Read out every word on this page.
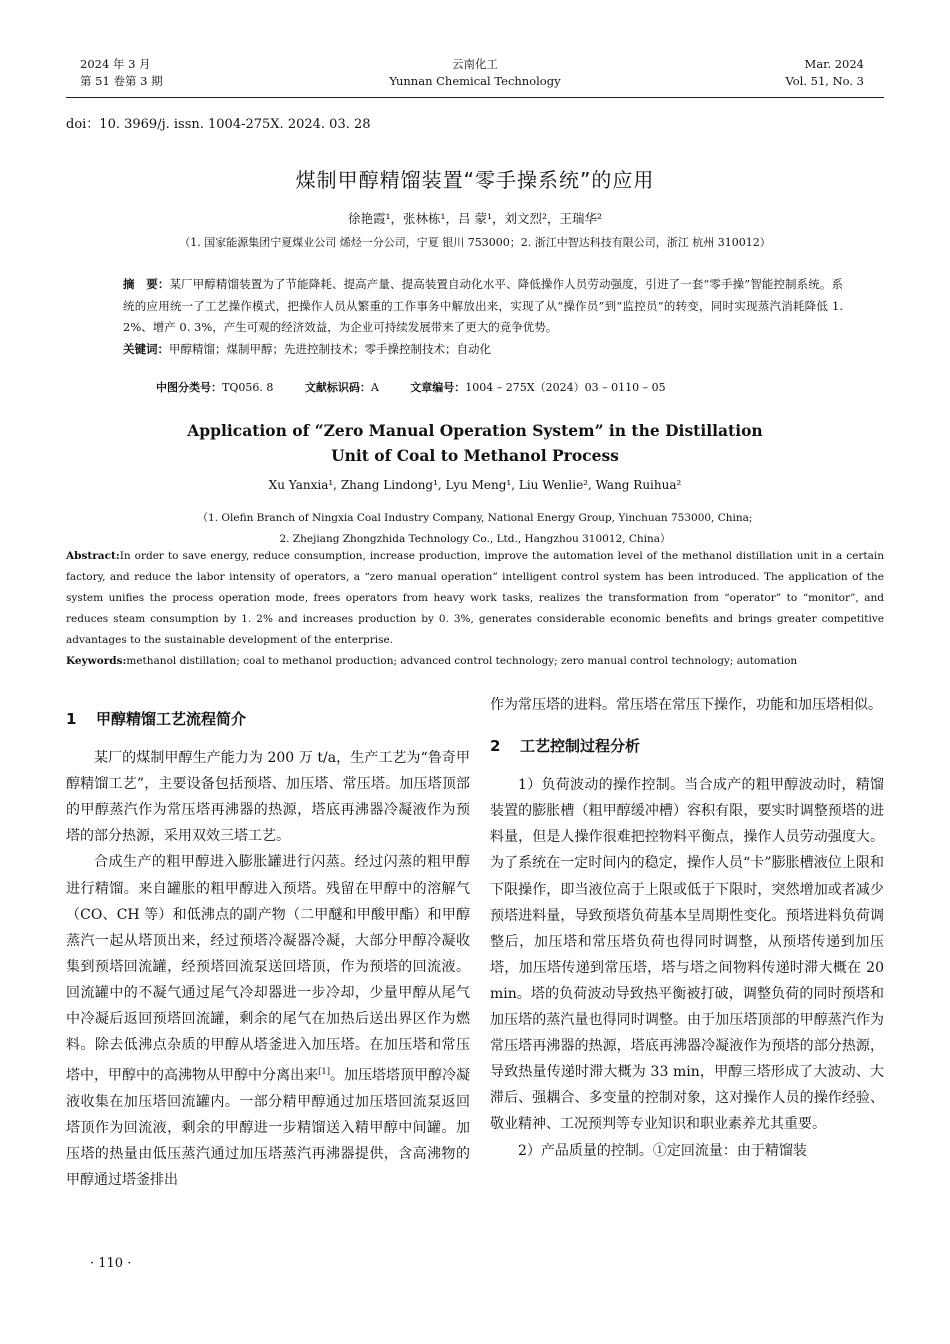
2024 年 3 月
第 51 卷第 3 期
云南化工
Yunnan Chemical Technology
Mar. 2024
Vol. 51, No. 3
doi：10. 3969/j. issn. 1004-275X. 2024. 03. 28
煤制甲醇精馏装置“零手操系统”的应用
徐艳霞¹，张林栋¹，吕 蒙¹，刘文烈²，王瑞华²
（1. 国家能源集团宁夏煤业公司 烯烃一分公司，宁夏 银川 753000；2. 浙江中智达科技有限公司，浙江 杭州 310012）
摘　要：某厂甲醇精馏装置为了节能降耗、提高产量、提高装置自动化水平、降低操作人员劳动强度，引进了一套“零手操”智能控制系统。系统的应用统一了工艺操作模式，把操作人员从繁重的工作事务中解放出来，实现了从“操作员”到“监控员”的转变，同时实现蒸汽消耗降低 1. 2%、增产 0. 3%，产生可观的经济效益，为企业可持续发展带来了更大的竞争优势。
关键词：甲醇精馏；煤制甲醇；先进控制技术；零手操控制技术；自动化
中图分类号：TQ056. 8	文献标识码：A	文章编号：1004 – 275X（2024）03 – 0110 – 05
Application of “Zero Manual Operation System” in the Distillation
Unit of Coal to Methanol Process
Xu Yanxia¹, Zhang Lindong¹, Lyu Meng¹, Liu Wenlie², Wang Ruihua²
（1. Olefin Branch of Ningxia Coal Industry Company, National Energy Group, Yinchuan 753000, China;
2. Zhejiang Zhongzhida Technology Co., Ltd., Hangzhou 310012, China）
Abstract:In order to save energy, reduce consumption, increase production, improve the automation level of the methanol distillation unit in a certain factory, and reduce the labor intensity of operators, a “zero manual operation” intelligent control system has been introduced. The application of the system unifies the process operation mode, frees operators from heavy work tasks, realizes the transformation from “operator” to “monitor”, and reduces steam consumption by 1. 2% and increases production by 0. 3%, generates considerable economic benefits and brings greater competitive advantages to the sustainable development of the enterprise.
Keywords:methanol distillation; coal to methanol production; advanced control technology; zero manual control technology; automation
1 甲醇精馏工艺流程简介

某厂的煤制甲醇生产能力为 200 万 t/a，生产工艺为“鲁奇甲醇精馏工艺”，主要设备包括预塔、加压塔、常压塔。加压塔顶部的甲醇蒸汽作为常压塔再沸器的热源，塔底再沸器冷凝液作为预塔的部分热源，采用双效三塔工艺。

合成生产的粗甲醇进入膨胀罐进行闪蒸。经过闪蒸的粗甲醇进行精馏。来自罐胀的粗甲醇进入预塔。残留在甲醇中的溶解气（CO、CH 等）和低沸点的副产物（二甲醚和甲酸甲酯）和甲醇蒸汽一起从塔顶出来，经过预塔冷凝器冷凝，大部分甲醇冷凝收集到预塔回流罐，经预塔回流泵送回塔顶，作为预塔的回流液。回流罐中的不凝气通过尾气冷却器进一步冷却，少量甲醇从尾气中冷凝后返回预塔回流罐，剩余的尾气在加热后送出界区作为燃料。除去低沸点杂质的甲醇从塔釜进入加压塔。在加压塔和常压塔中，甲醇中的高沸物从甲醇中分离出来[1]。加压塔塔顶甲醇冷凝液收集在加压塔回流罐内。一部分精甲醇通过加压塔回流泵返回塔顶作为回流液，剩余的甲醇进一步精馏送入精甲醇中间罐。加压塔的热量由低压蒸汽通过加压塔蒸汽再沸器提供，含高沸物的甲醇通过塔釜排出

作为常压塔的进料。常压塔在常压下操作，功能和加压塔相似。

2 工艺控制过程分析

1）负荷波动的操作控制。当合成产的粗甲醇波动时，精馏装置的膨胀槽（粗甲醇缓冲槽）容积有限，要实时调整预塔的进料量，但是人操作很难把控物料平衡点，操作人员劳动强度大。为了系统在一定时间内的稳定，操作人员“卡”膨胀槽液位上限和下限操作，即当液位高于上限或低于下限时，突然增加或者减少预塔进料量，导致预塔负荷基本呈周期性变化。预塔进料负荷调整后，加压塔和常压塔负荷也得同时调整，从预塔传递到加压塔，加压塔传递到常压塔，塔与塔之间物料传递时滞大概在 20 min。塔的负荷波动导致热平衡被打破，调整负荷的同时预塔和加压塔的蒸汽量也得同时调整。由于加压塔顶部的甲醇蒸汽作为常压塔再沸器的热源，塔底再沸器冷凝液作为预塔的部分热源，导致热量传递时滞大概为 33 min，甲醇三塔形成了大波动、大滞后、强耦合、多变量的控制对象，这对操作人员的操作经验、敬业精神、工况预判等专业知识和职业素养尤其重要。

2）产品质量的控制。①定回流量：由于精馏装

· 110 ·
